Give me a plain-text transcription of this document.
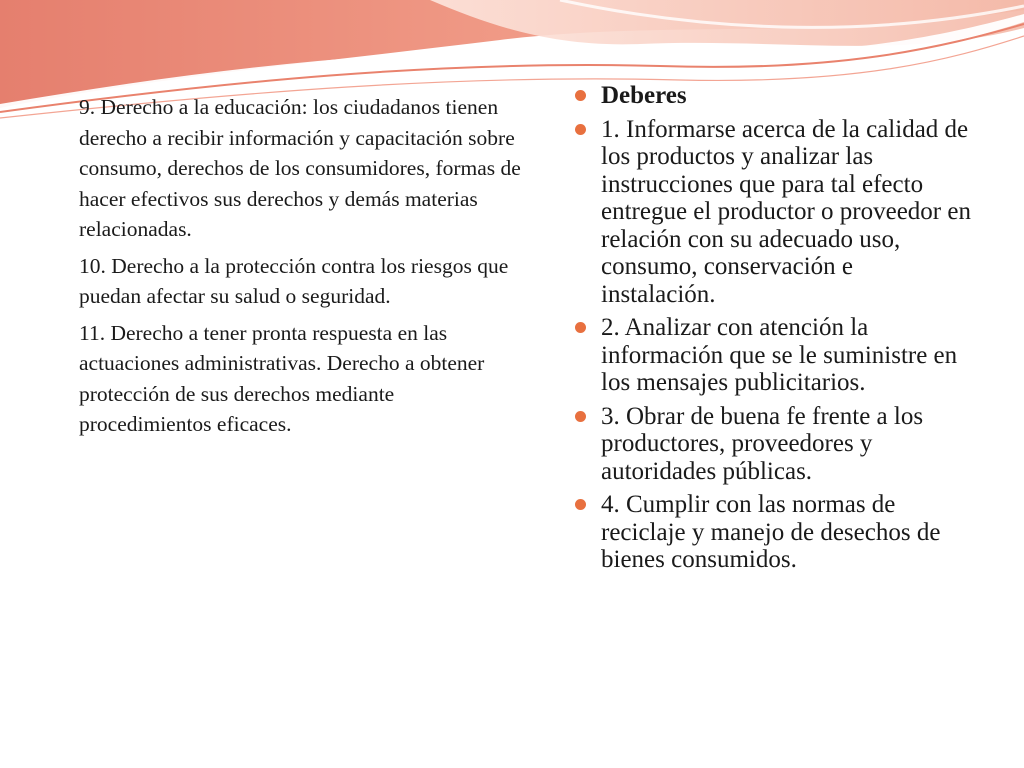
9. Derecho a la educación: los ciudadanos tienen derecho a recibir información y capacitación sobre consumo, derechos de los consumidores, formas de hacer efectivos sus derechos y demás materias relacionadas.

10. Derecho a la protección contra los riesgos que puedan afectar su salud o seguridad.

11. Derecho a tener pronta respuesta en las actuaciones administrativas. Derecho a obtener protección de sus derechos mediante procedimientos eficaces.

Deberes
1. Informarse acerca de la calidad de los productos y analizar las instrucciones que para tal efecto entregue el productor o proveedor en relación con su adecuado uso, consumo, conservación e instalación.
2. Analizar con atención la información que se le suministre en los mensajes publicitarios.
3. Obrar de buena fe frente a los productores, proveedores y autoridades públicas.
4. Cumplir con las normas de reciclaje y manejo de desechos de bienes consumidos.
